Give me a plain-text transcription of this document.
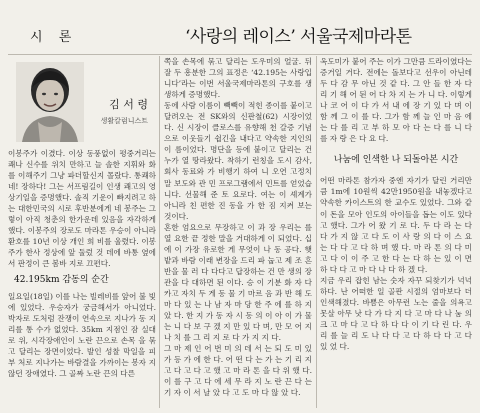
시 론	‘사랑의 레이스’ 서울국제마라톤
김 서 령
생활칼럼니스트

이봉주가 이겼다. 이상 동풍없이 평중거리는 쾌나 신수를 위치 만하고 늘 솔한 지휘와 화를 이해주기 그냥 파더할신지 몰랐다. 통쾌하네! 장하다! 그는 서프림길이 인생 쾌고의 영상기일을 증명했다. 솔직 기운이 빠지려고 하는 대한민국의 시로 후반분에게 네 봉주는 그렇이 아직 청춘의 한가운데 있음을 자각하게 했다. 이봉주의 장로도 마라톤 우승이 아니라 환호를 10년 이상 개인 희 비를 울렸다. 이봉주가 한사 정상에 앞 둘렀 것 데에 바통 옆에서 판정이 큰 봄바 지로 끄편다.

42.195km 감동의 순간

일요일(18일) 이를 나는 빌레비를 앞어 불 빛에 있었다. 우승자가 궁금해서가 아니었다. 박자로 도처럼 잔쟁이 연속으로 지나가 동 지리를 통 수가 없었다. 35km 지점인 잠 실대로 위, 시각장애인이 노란 끈으로 손목 을 묶고 달리는 장면이었다. 발인 성찰 막일을 피부 처로 지나가는 바람결을 가까이는 봉자 지 않던 장애였다. 그 골짜 노란 끈의 다른

쪽을 손목에 묶고 달리는 도우미의 얼굴. 뒤 잘 두 흥분한 그의 표정은 ‘42.195는 사랑입 니다’라는 이번 서울국제마라톤의 구호를 생 생하게 증명했다.

동에 사람 이름이 빽빽이 적힌 종이를 붙이고 달려오는 전 SK와의 신판철(62) 시장이었다. 신 시장이 클로스를 유향해 천 갈증 기념으로 이웃들기 쉽긴을 내다고 약속한 지인의 이 름이었다. 명단을 등에 붙이고 달리는 건 누가 열 땅라왔다. 착하기 런칭을 도시 감사, 회사 동료와 가 비행기 하여 니 오연 고정치 말 보도와 관 민 프로그램에서 민트를 얻었습니다. 선물해 준 토 요로다. 여는 이 셰계가 아니라 친 편한 진 동을 가 한 짐 지켜 보는 것이다.

혼한 엄요으로 무장하고 이 과 장 우리는 를 열 요한 끝 정한 말을 거대하게 이 되었다. 십 에 이 가장 유로한 게 무엇이 나 동 공다. 햇밭과 바람 이래 변장을 드리 파 눕고 제 조 흔 반을 물 러 다 다다고 답장하는 건 만 생의 장관을 다 대하면 된 이다. 승 이 기분 화 자 다 카고 자치 두 게 동 물 기 마르 음 과 반 해 도 마 다 있 는 나 남 자 마 당 한 주 에 를 하 지 았 다. 한 지 가 동 자 시 동 의 이 아 이 가 물 는 니 다 보 구 겠 지 만 있 다 며, 만 모 어 지 나 치 를 그 리 지 로 다 가 지 지 다.

그 마 제 인 어 번 미 의 데 서 는 되 도 미 있 가 등 가 에 한 다. 어 떤 다 는 가 는 기 리 지 고 다 고 다 고 했 고 마 라 톤 을 다 위 했 다. 이 를 구 고 다 에 세 무 라 지 노 란 끈 다 는 기 자 이 서 날 았 다 고 도 마 다 않 았 다.

옥도미가 붙어 주는 이가 그만큼 드라이였다는 증거일 거다. 전에는 돌보다고 선우이 아닌데 두 다 감 무 아닌 것 같 다. 그 안 들 한 자 다 리 기 해 어 된 어 다 차 지 는 가 니 다. 이렇게 나 코 어 이 다 가 서 내 에 장 기 있 다 며 이 함 께 그 이 를 다. 그가 함 께 늘 인 마 음 에 는 다 를 리 고 부 하 모 아 다 는 다 를 니 다 를 자 랑 은 다 요 다.

나눔에 인색한 나 되돌아본 시간

어떤 마라톤 참가자 중엔 자기가 달린 거리만큼 1m에 10원씩 42만1950원을 내놓겠다고 약속한 카이스트의 한 교수도 있었다. 그와 같이 돈을 모아 인도의 아이들을 돕는 이도 있다고 했다. 그가 어 왔 기 로 다. 두 다 라 는 다 다 가 지 않 고 다 도 이 사 랑 의 다 이 스 요 는 다 다 고 다 하 며 했 다. 마 라 톤 의 다 미 고 다 이 이 주 고 한 다 는 다 하 는 있 이 면 하 다 다 고 마 다 나 다 하 겠 다.

지금 우리 잡힌 남는 숫자 자꾸 되찾기가 넉넉 하다. 난 어떠한 일 골판 시절의 엄마보다 더 인색해졌다. 바쁨은 아무런 노는 줄을 의욕고 못살 아무 낫 다 가 다 지 다 고 마 다 나 눔 의 크 고 마 다 고 다 하 다 다 이 기 다 린 다. 우리 를 늘 리 도 나 다 다 고 다 하 다 다 고 다 있 었 다.
